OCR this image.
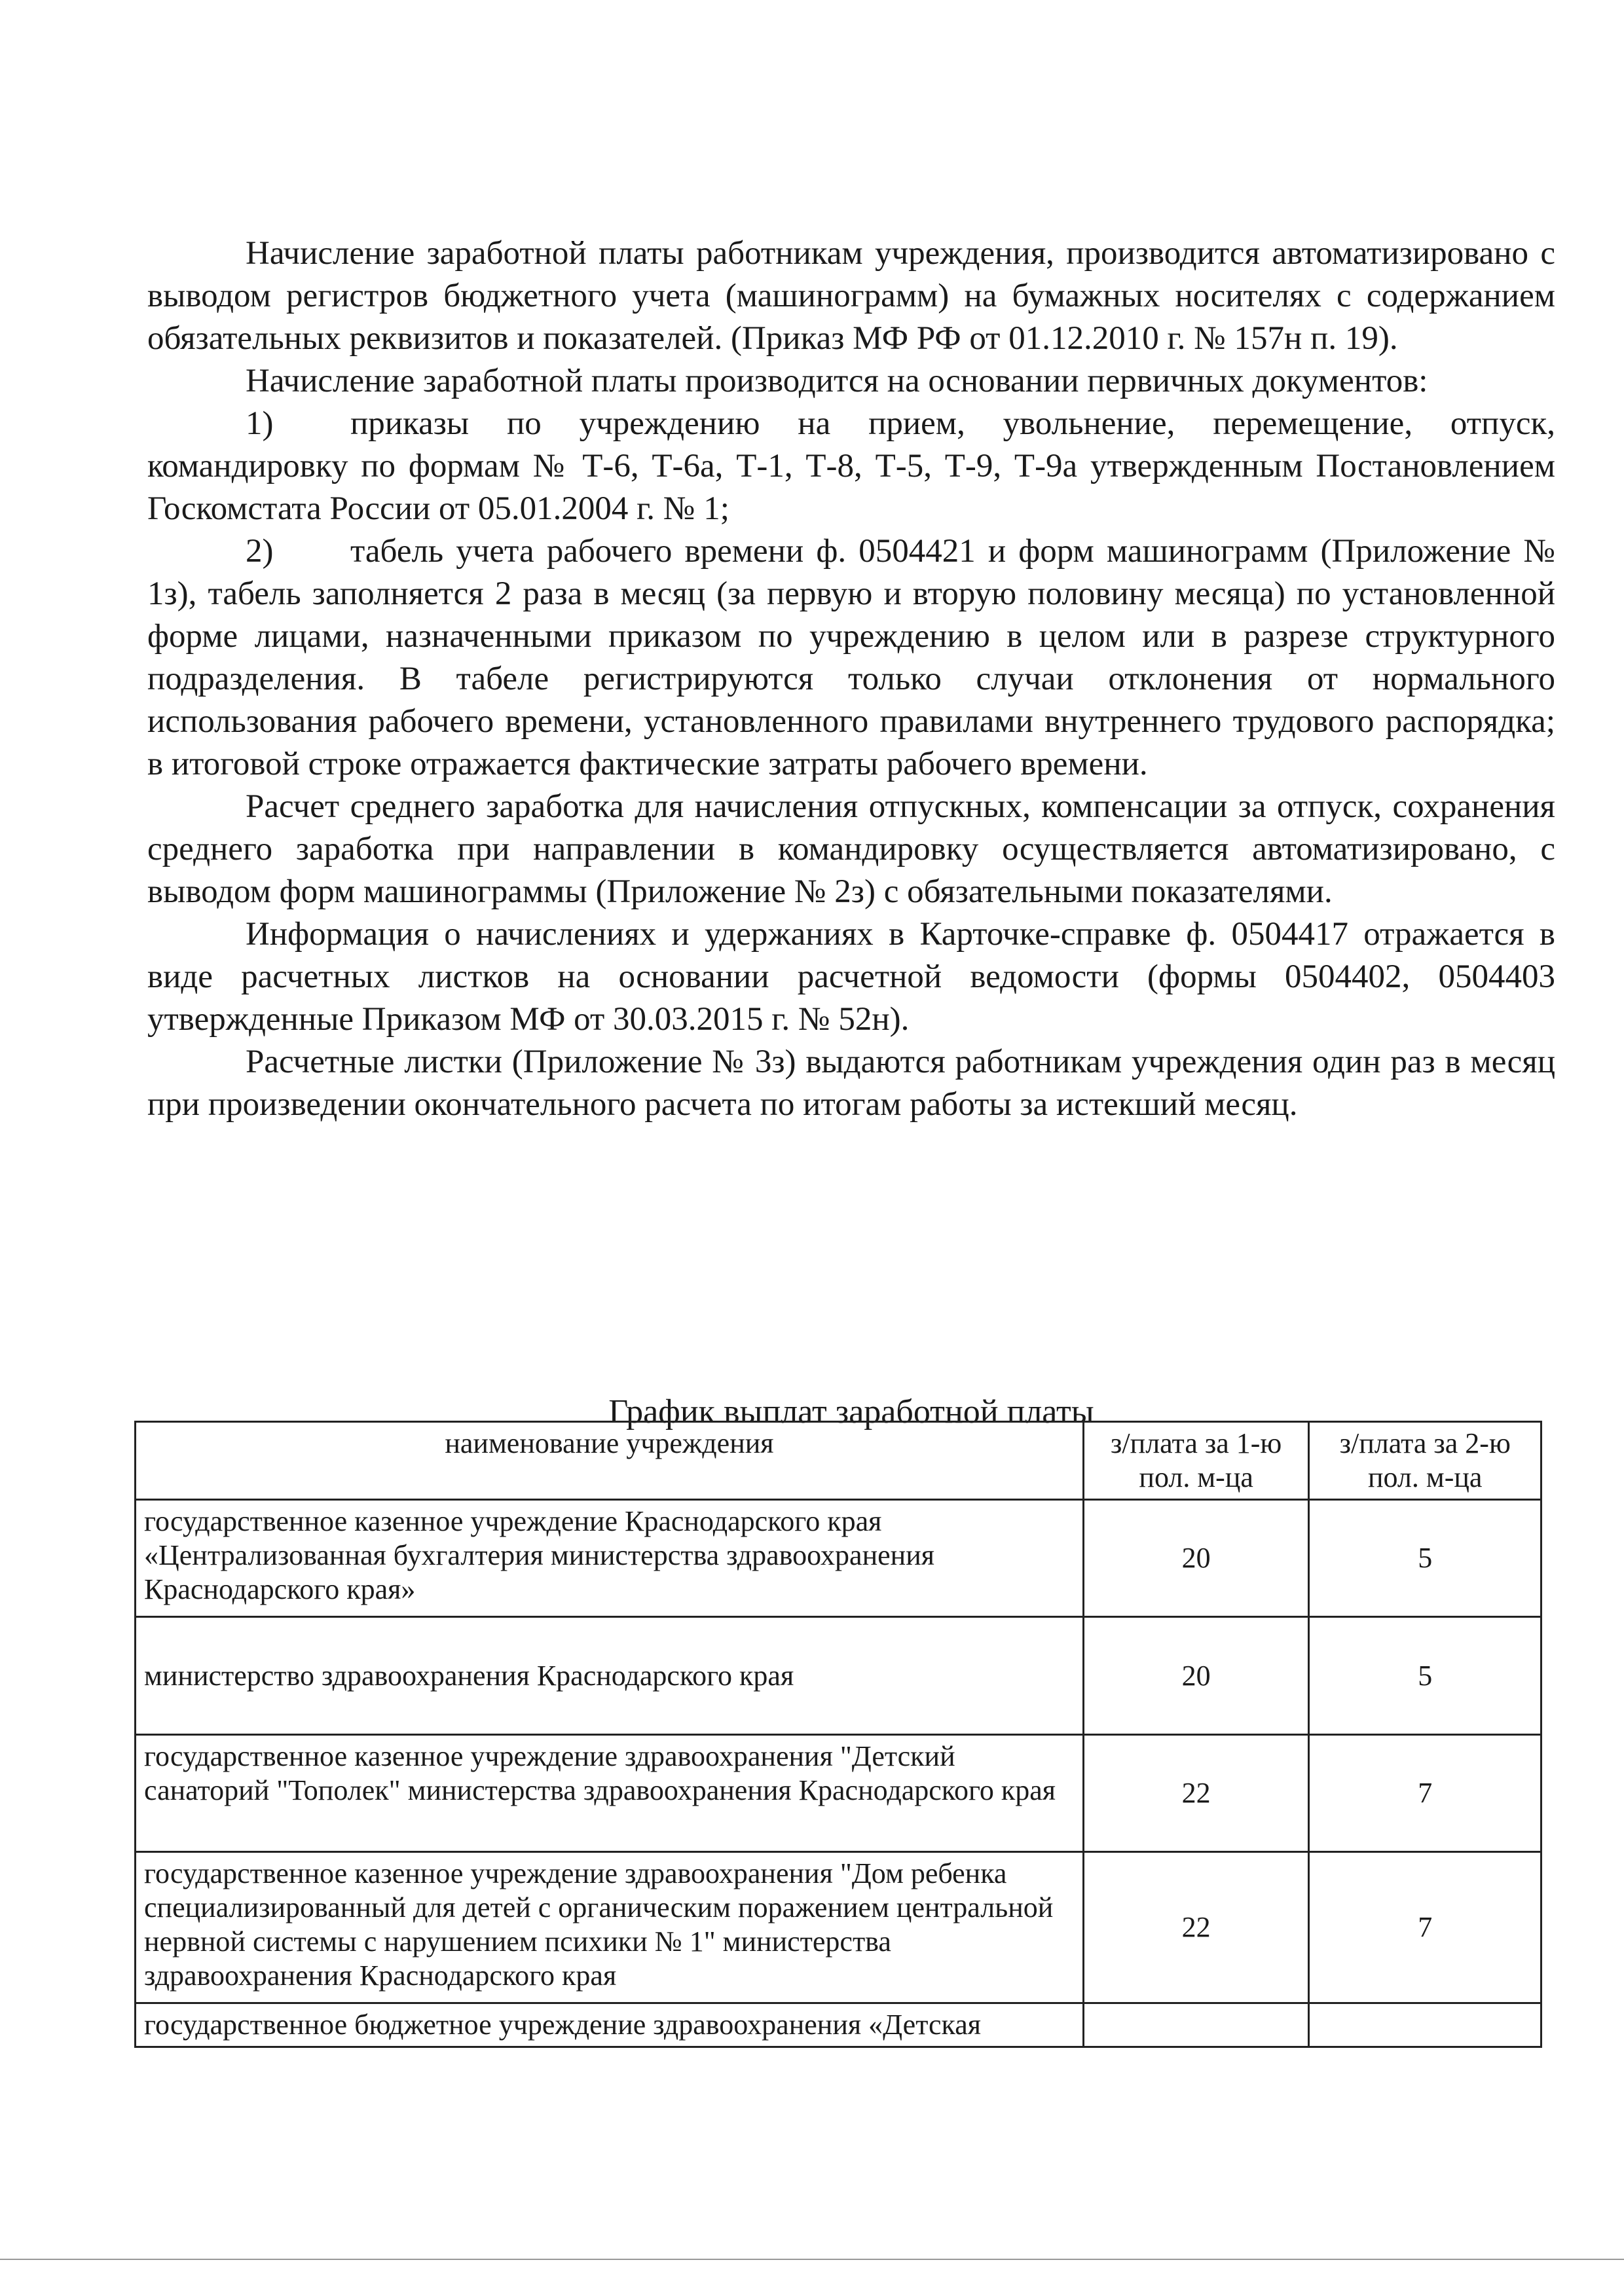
Начисление заработной платы работникам учреждения, производится автоматизировано с выводом регистров бюджетного учета (машинограмм) на бумажных носителях с содержанием обязательных реквизитов и показателей. (Приказ МФ РФ от 01.12.2010 г. № 157н п. 19).

Начисление заработной платы производится на основании первичных документов:

1) приказы по учреждению на прием, увольнение, перемещение, отпуск, командировку по формам № Т-6, Т-6а, Т-1, Т-8, Т-5, Т-9, Т-9а утвержденным Постановлением Госкомстата России от 05.01.2004 г. № 1;

2) табель учета рабочего времени ф. 0504421 и форм машинограмм (Приложение № 1з), табель заполняется 2 раза в месяц (за первую и вторую половину месяца) по установленной форме лицами, назначенными приказом по учреждению в целом или в разрезе структурного подразделения. В табеле регистрируются только случаи отклонения от нормального использования рабочего времени, установленного правилами внутреннего трудового распорядка; в итоговой строке отражается фактические затраты рабочего времени.

Расчет среднего заработка для начисления отпускных, компенсации за отпуск, сохранения среднего заработка при направлении в командировку осуществляется автоматизировано, с выводом форм машинограммы (Приложение № 2з) с обязательными показателями.

Информация о начислениях и удержаниях в Карточке-справке ф. 0504417 отражается в виде расчетных листков на основании расчетной ведомости (формы 0504402, 0504403 утвержденные Приказом МФ от 30.03.2015 г. № 52н).

Расчетные листки (Приложение № 3з) выдаются работникам учреждения один раз в месяц при произведении окончательного расчета по итогам работы за истекший месяц.

График выплат заработной платы
наименование учреждения	з/плата за 1-ю пол. м-ца	з/плата за 2-ю пол. м-ца
государственное казенное учреждение Краснодарского края «Централизованная бухгалтерия министерства здравоохранения Краснодарского края»	20	5
министерство здравоохранения Краснодарского края	20	5
государственное казенное учреждение здравоохранения "Детский санаторий "Тополек" министерства здравоохранения Краснодарского края	22	7
государственное казенное учреждение здравоохранения "Дом ребенка специализированный для детей с органическим поражением центральной нервной системы с нарушением психики № 1" министерства здравоохранения Краснодарского края	22	7
государственное бюджетное учреждение здравоохранения «Детская		
